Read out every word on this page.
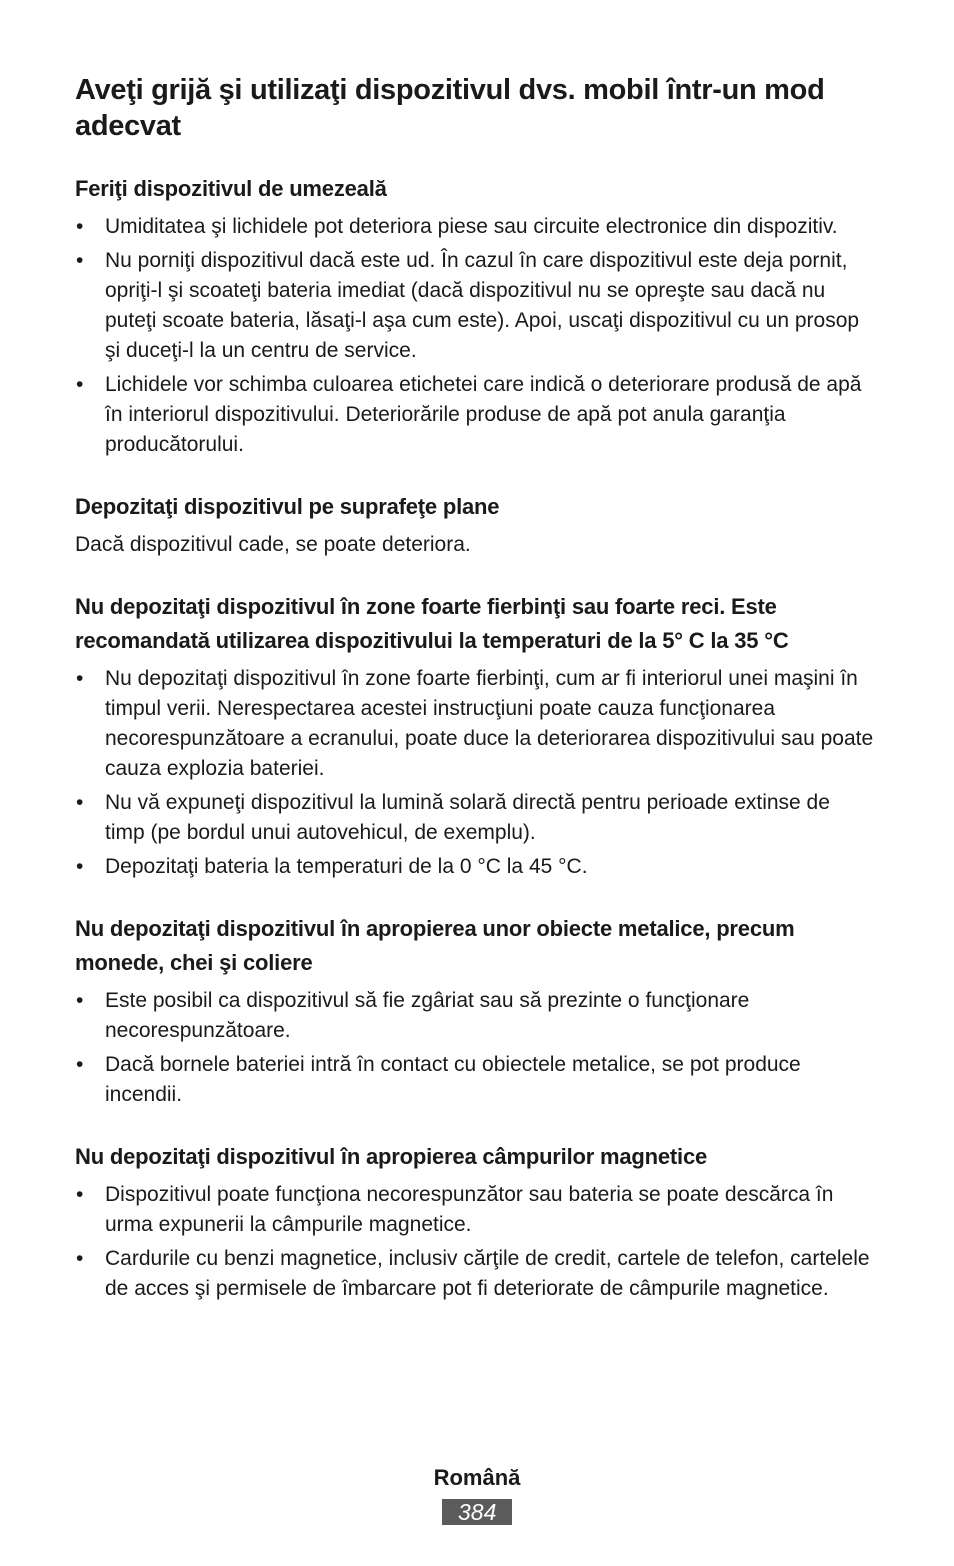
Aveţi grijă şi utilizaţi dispozitivul dvs. mobil într-un mod adecvat
Feriţi dispozitivul de umezeală
• Umiditatea şi lichidele pot deteriora piese sau circuite electronice din dispozitiv.
• Nu porniţi dispozitivul dacă este ud. În cazul în care dispozitivul este deja pornit, opriţi-l şi scoateţi bateria imediat (dacă dispozitivul nu se opreşte sau dacă nu puteţi scoate bateria, lăsaţi-l aşa cum este). Apoi, uscaţi dispozitivul cu un prosop şi duceţi-l la un centru de service.
• Lichidele vor schimba culoarea etichetei care indică o deteriorare produsă de apă în interiorul dispozitivului. Deteriorările produse de apă pot anula garanţia producătorului.
Depozitaţi dispozitivul pe suprafeţe plane

Dacă dispozitivul cade, se poate deteriora.

Nu depozitaţi dispozitivul în zone foarte fierbinţi sau foarte reci. Este recomandată utilizarea dispozitivului la temperaturi de la 5° C la 35 °C
• Nu depozitaţi dispozitivul în zone foarte fierbinţi, cum ar fi interiorul unei maşini în timpul verii. Nerespectarea acestei instrucţiuni poate cauza funcţionarea necorespunzătoare a ecranului, poate duce la deteriorarea dispozitivului sau poate cauza explozia bateriei.
• Nu vă expuneţi dispozitivul la lumină solară directă pentru perioade extinse de timp (pe bordul unui autovehicul, de exemplu).
• Depozitaţi bateria la temperaturi de la 0 °C la 45 °C.
Nu depozitaţi dispozitivul în apropierea unor obiecte metalice, precum monede, chei şi coliere
• Este posibil ca dispozitivul să fie zgâriat sau să prezinte o funcţionare necorespunzătoare.
• Dacă bornele bateriei intră în contact cu obiectele metalice, se pot produce incendii.
Nu depozitaţi dispozitivul în apropierea câmpurilor magnetice
• Dispozitivul poate funcţiona necorespunzător sau bateria se poate descărca în urma expunerii la câmpurile magnetice.
• Cardurile cu benzi magnetice, inclusiv cărţile de credit, cartele de telefon, cartelele de acces şi permisele de îmbarcare pot fi deteriorate de câmpurile magnetice.
Română
384
